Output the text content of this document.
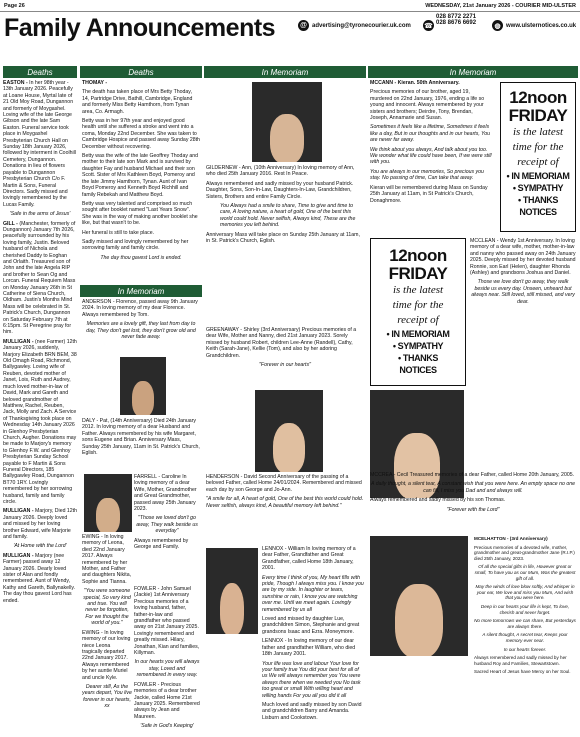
Page 26	WEDNESDAY, 21st January 2026 - COURIER MID-ULSTER
Family Announcements	@ advertising@tyronecourier.uk.com
028 8772 2271
028 8676 6692
☎	◍ www.ulsternotices.co.uk
Deaths	Deaths	In Memoriam	In Memoriam
In Memoriam

EASTON - In her 98th year - 13th January 2026. Peacefully at Loane House, Myrtal late of 21 Old Moy Road, Dungannon and formerly of Moygashel. Loving wife of the late George Gibson and the late Sam Easton. Funeral service took place in Moygashel Presbyterian Church Hall on Sunday 18th January 2026, followed by interment in Coolhill Cemetery, Dungannon. Donations in lieu of flowers payable to Dungannon Presbyterian Church C/o F. Martin & Sons, Funeral Directors. Sadly missed and lovingly remembered by the Lucas Family.

'Safe in the arms of Jesus'

GILL - (Manchester, formerly of Dungannon) January 7th 2026, peacefully surrounded by his loving family, Justin. Beloved husband of Nichola and cherished Daddy to Eoghan and Orlaith. Treasured son of John and the late Angela RIP and brother to Sean Og and Lorcan. Funeral Requiem Mass on Monday January 26th in St Catherine of Siena Church, Oldham. Justin's Months Mind Mass will be celebrated in St. Patrick's Church, Dungannon on Saturday February 7th at 6:15pm. St Peregrine pray for him.

MULLIGAN - (nee Farmer) 12th January 2026, suddenly, Marjory Elizabeth BRN BEM, 38 Old Omagh Road, Richmond, Ballygawley. Loving wife of Reuben, devoted mother of Janet, Lois, Ruth and Audrey, much loved mother-in-law of David, Mark and Gareth and beloved grandmother of Matthew, Rachel, Reuben, Jack, Molly and Zach. A Service of Thanksgiving took place on Wednesday 14th January 2026 in Glenhoy Presbyterian Church, Augher. Donations may be made to Marjory's memory to Glenhoy F.W. and Glenhoy Presbyterian Sunday School payable to F Martin & Sons Funeral Directors, 185 Ballygawley Road, Dungannon BT70 1RY. Lovingly remembered by her sorrowing husband, family and family circle.

MULLIGAN - Marjory, Died 12th January 2026. Deeply loved and missed by her loving brother Edward, wife Marjorie and family.

'At Home with the Lord'

MULLIGAN - Marjory (nee Farmer) passed away 12 January 2026. Dearly loved sister of Alan and fondly remembered. Aunt of Wendy, Kathy and Gareth, Ballynakelly. The day thou gavest Lord has ended.

THOMAY -

The death has taken place of Mrs Betty Thoday, 14, Partridge Drive, Bathill, Cambridge, England and formerly Miss Betty Hamthorn, from Tynan area, Co. Armagh.

Betty was in her 97th year and enjoyed good health until she suffered a stroke and went into a coma, Monday 22nd December. She was taken to Cambridge Hospice and passed away Sunday 28th December without recovering.

Betty was the wife of the late Geoffrey Thoday and mother to their late son Mark and is survived by daughter Fay and husband Michael and their son Scott. Sister of Mrs Kathleen Boyd, Pomeroy and the late Jimmy Hamthorn, Tynan. Aunt of Ivan Boyd Pomeroy and Kenneth Boyd Richhill and family Rebekah and Matthew Boyd.

Betty was very talented and comprised so much sought after booklet named "Last Years Snow". She was in the way of making another booklet she like, but that wasn't to be.

Her funeral is still to take place.

Sadly missed and lovingly remembered by her sorrowing family and family circle.

The day thou gavest Lord is ended.

ANDERSON - Florence, passed away 9th January 2024. In loving memory of my dear Florence. Always remembered by Tom.

Memories are a lovely gift, they last from day to day, They don't get lost, they don't grow old and never fade away.

DALY - Pat, (14th Anniversary) Died 24th January 2012. In loving memory of a dear Husband and Father. Always remembered by his wife Margaret, sons Eugene and Brian. Anniversary Mass, Sunday 25th January, 11am in St. Patrick's Church, Eglish.

FARRELL - Caroline In loving memory of a dear Wife, Mother, Grandmother and Great Grandmother, passed away 25th January 2023.

"Those we loved don't go away, They walk beside us everyday"

Always remembered by George and Family.

EWING - In loving memory of Leona, died 22nd January 2017. Always remembered by her Mother, and Father and daughters Nikita, Sophie and Tianna.

"You were someone special, So very kind and true. You will never be forgotten, For we thought the world of you."

EWING - In loving memory of our loving niece Leona tragically departed 22nd January 2017. Always remembered by her auntie Muriel and uncle Kyle.

Dearer still, As the years depart, You live forever in our hearts, xx

FOWLER - John Samuel (Jackie) 1st Anniversary Precious memories of a loving husband, father, father-in-law and grandfather who passed away on 21st January 2025. Lovingly remembered and greatly missed. Hilary, Jonathan, Kian and families, Killyman.

In our hearts you will always stay, Loved and remembered in every way.

FOWLER - Precious memories of a dear brother Jackie, called Home 21st January 2025. Remembered always by Jean and Maureen.

'Safe in God's Keeping'

GILDERNEW - Ann, (10th Anniversary) In loving memory of Ann, who died 25th January 2016. Rest In Peace.

Always remembered and sadly missed by your husband Patrick. Daughter, Sons, Son-In-Law, Daughters-In-Law, Grandchildren, Sisters, Brothers and entire Family Circle.

You Always had a smile to share, Time to give and time to care, A loving nature, a heart of gold, One of the best this world could hold. Never selfish, Always kind, These are the memories you left behind.

Anniversary Mass will take place on Sunday 25th January at 11am, in St. Patrick's Church, Eglish.

GREENAWAY - Shirley (3rd Anniversary) Precious memories of a dear Wife, Mother and Nanny, died 21st January 2023. Sorely missed by husband Robert, children Lee-Anne (Randell), Cathy, Keith (Sarah-Jane), Kellie (Tom), and also by her adoring Grandchildren.

"Forever in our hearts"

HENDERSON - David Second Anniversary of the passing of a beloved Father, called Home 24/01/2024. Remembered and missed each day by son George and Jo-Ann.

"A smile for all, A heart of gold, One of the best this world could hold. Never selfish, always kind, A beautiful memory left behind."

LENNOX - William In loving memory of a dear Father, Grandfather and Great Grandfather, called Home 18th January, 2001.

Every time I think of you, My heart fills with pride, Though I always miss you. I know you are by my side. In laughter or tears, sunshine or rain, I know you are watching over me. Until we meet again. Lovingly remembered by us all

Loved and missed by daughter Lue, grandchildren Simon, Stephanie and great grandsons Isaac and Ezra. Moneymore.

LENNOX - In loving memory of our dear father and grandfather William, who died 18th January 2001.

Your life was love and labour Your love for your family true You did your best for all of us We will always remember you You were always there when we needed you No task too great or small With willing heart and willing hands For you all you did it all

Much loved and sadly missed by son David and grandchildren Barry and Amanda. Lisburn and Cookstown.

MCCANN - Kieran. 50th Anniversary.

Precious memories of our brother, aged 19, murdered on 22nd January, 1976, ending a life so young and innocent. Always remembered by your sisters and brothers; Deirdre, Tony, Brendan, Joseph, Annamarie and Susan.

Sometimes it feels like a lifetime, Sometimes it feels like a day, But in our thoughts and in our hearts, You are never far away.

We think about you always, And talk about you too. We wonder what life could have been, If we were still with you.

You are always in our memories, So precious you stay. No passing of time, Can take that away.

Kieran will be remembered during Mass on Sunday 25th January at 11am, in St Patrick's Church, Donaghmore.

12noon
FRIDAY
is the latest
time for the
receipt of
• IN MEMORIAM
• SYMPATHY
• THANKS
NOTICES
12noon
FRIDAY
is the latest
time for the
receipt of
• IN MEMORIAM
• SYMPATHY
• THANKS
NOTICES

MCCLEAN - Wendy 1st Anniversary. In loving memory of a dear wife, mother, mother-in-law and nanny who passed away on 24th January 2025. Deeply missed by her devoted husband Ronnie, son Earl (Helen), daughter Rhonda (Ashley) and grandsons Joshua and Daniel.

Those we love don't go away, they walk beside us every day. Unseen, unheard but always near. Still loved, still missed, and very dear.

MCCREA - Cecil Treasured memories of a dear Father, called Home 20th January, 2005.

A daily thought, a silent tear, A constant wish that you were here. An empty space no one can fill, I miss you Dad and and always will.

Always remembered and sadly missed by his son Thomas.

"Forever with the Lord"

MCELHATTON - (3rd Anniversary)

Precious memories of a devoted wife, mother, grandmother and great-grandmother Jane (R.I.P.) died 25th January, 2023.

Of all the special gifts in life, However great or small, To have you as our Mum, Was the greatest gift of all.

May the winds of love blow softly, And whisper in your ear, We love and miss you Mum, And wish that you were here.

Deep in our hearts your life is kept, To love, cherish and never forget.

No more tomorrows we can share, But yesterdays are always there.

A silent thought, A secret tear, Keeps your memory ever near.

In our hearts forever.

Always remembered and sadly missed by her husband Roy and Families, Stewartstown.

Sacred Heart of Jesus have Mercy on her Soul.
